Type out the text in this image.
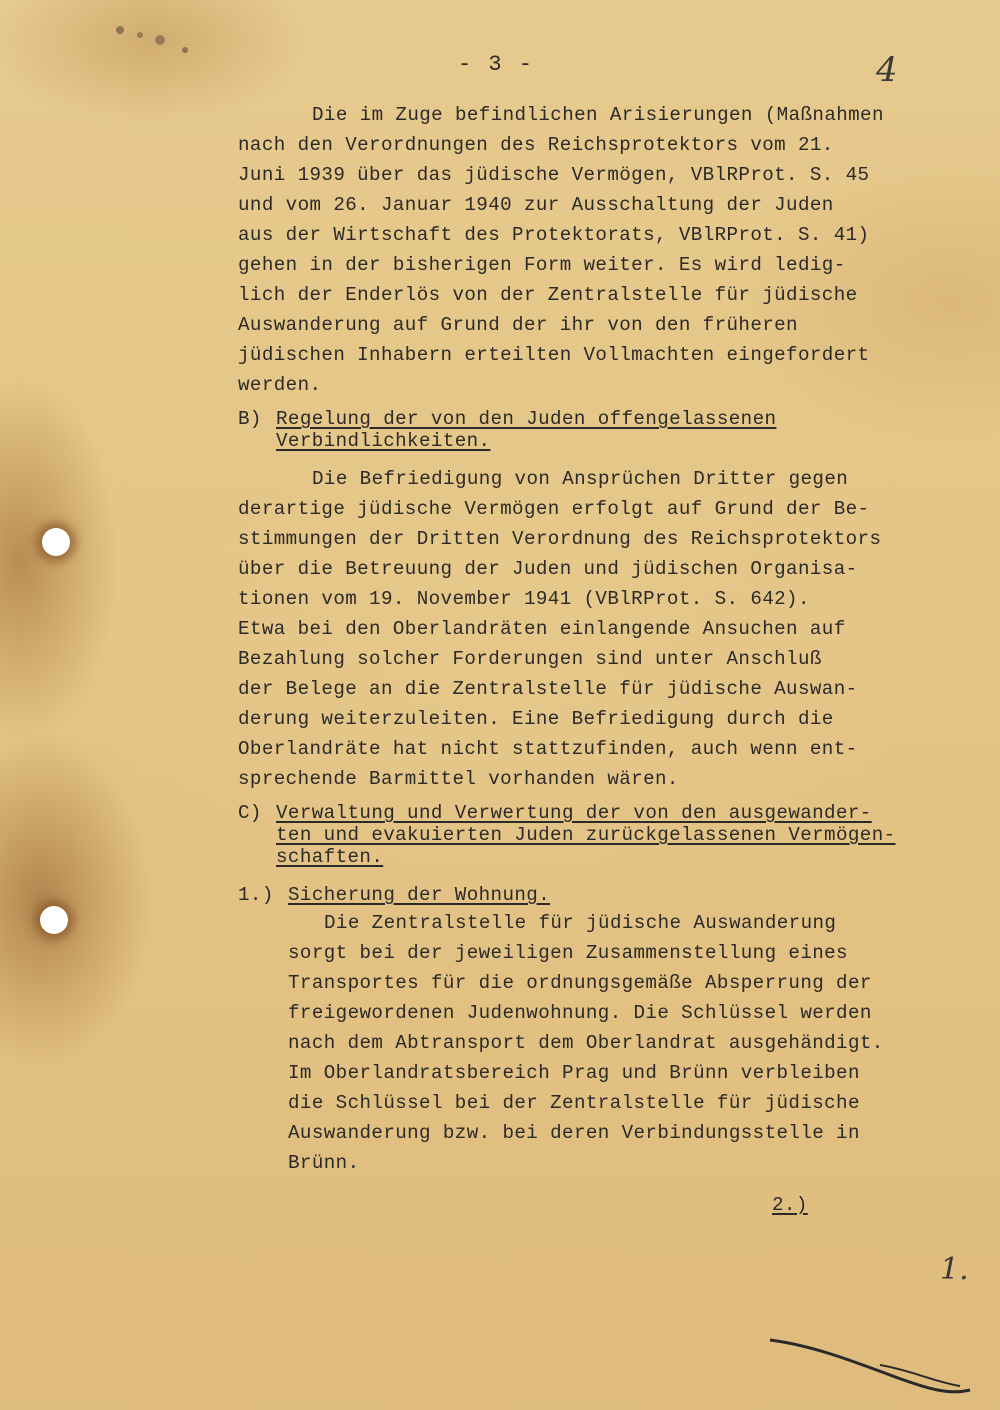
- 3 -	4

1.

Die im Zuge befindlichen Arisierungen (Maßnahmen

nach den Verordnungen des Reichsprotektors vom 21.

Juni 1939 über das jüdische Vermögen, VBlRProt. S. 45

und vom 26. Januar 1940 zur Ausschaltung der Juden

aus der Wirtschaft des Protektorats, VBlRProt. S. 41)

gehen in der bisherigen Form weiter. Es wird ledig-

lich der Enderlös von der Zentralstelle für jüdische

Auswanderung auf Grund der ihr von den früheren

jüdischen Inhabern erteilten Vollmachten eingefordert

werden.

B) Regelung der von den Juden offengelassenen

Verbindlichkeiten.

Die Befriedigung von Ansprüchen Dritter gegen

derartige jüdische Vermögen erfolgt auf Grund der Be-

stimmungen der Dritten Verordnung des Reichsprotektors

über die Betreuung der Juden und jüdischen Organisa-

tionen vom 19. November 1941 (VBlRProt. S. 642).

Etwa bei den Oberlandräten einlangende Ansuchen auf

Bezahlung solcher Forderungen sind unter Anschluß

der Belege an die Zentralstelle für jüdische Auswan-

derung weiterzuleiten. Eine Befriedigung durch die

Oberlandräte hat nicht stattzufinden, auch wenn ent-

sprechende Barmittel vorhanden wären.

C) Verwaltung und Verwertung der von den ausgewander-

ten und evakuierten Juden zurückgelassenen Vermögen-

schaften.

1.) Sicherung der Wohnung.

Die Zentralstelle für jüdische Auswanderung

sorgt bei der jeweiligen Zusammenstellung eines

Transportes für die ordnungsgemäße Absperrung der

freigewordenen Judenwohnung. Die Schlüssel werden

nach dem Abtransport dem Oberlandrat ausgehändigt.

Im Oberlandratsbereich Prag und Brünn verbleiben

die Schlüssel bei der Zentralstelle für jüdische

Auswanderung bzw. bei deren Verbindungsstelle in

Brünn.

2.)
